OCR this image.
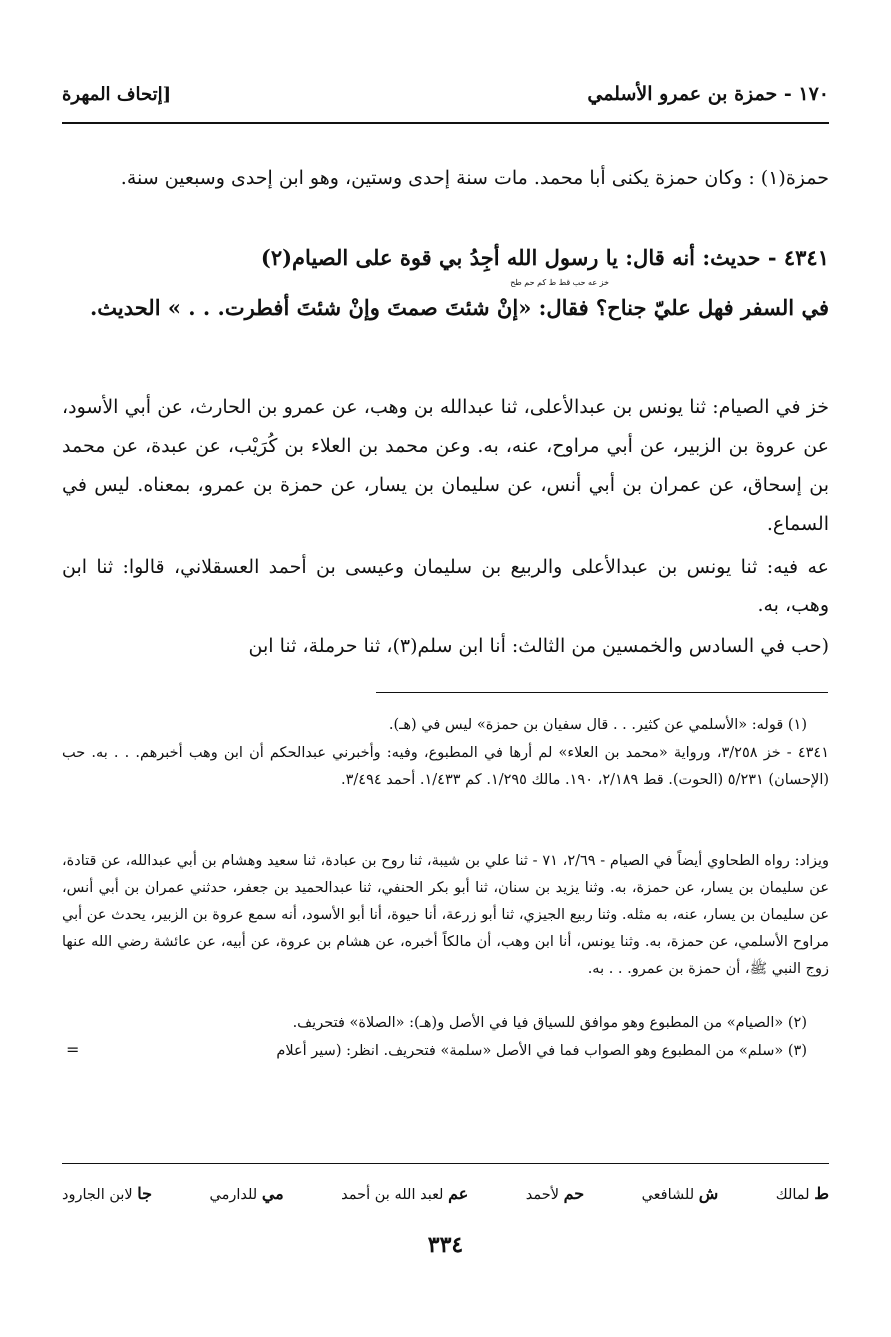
١٧٠ - حمزة بن عمرو الأسلمي
[إتحاف المهرة
حمزة(١) : وكان حمزة يكنى أبا محمد. مات سنة إحدى وستين، وهو ابن إحدى وسبعين سنة.
٤٣٤١ - حديث: أنه قال: يا رسول الله أجِدُ بي قوة على الصيام(٢)
خز عه حب قط ط كم حم طح
في السفر فهل عليّ جناح؟ فقال: «إنْ شئتَ صمتَ وإنْ شئتَ أفطرت. . . » الحديث.
خز في الصيام: ثنا يونس بن عبدالأعلى، ثنا عبدالله بن وهب، عن عمرو بن الحارث، عن أبي الأسود، عن عروة بن الزبير، عن أبي مراوح، عنه، به. وعن محمد بن العلاء بن كُرَيْب، عن عبدة، عن محمد بن إسحاق، عن عمران بن أبي أنس، عن سليمان بن يسار، عن حمزة بن عمرو، بمعناه. ليس في السماع.
عه فيه: ثنا يونس بن عبدالأعلى والربيع بن سليمان وعيسى بن أحمد العسقلاني، قالوا: ثنا ابن وهب، به.
(حب في السادس والخمسين من الثالث: أنا ابن سلم(٣)، ثنا حرملة، ثنا ابن
(١) قوله: «الأسلمي عن كثير. . . قال سفيان بن حمزة» ليس في (هـ).
٤٣٤١ - خز ٣/٢٥٨، ورواية «محمد بن العلاء» لم أرها في المطبوع، وفيه: وأخبرني عبدالحكم أن ابن وهب أخبرهم. . . به. حب (الإحسان) ٥/٢٣١ (الحوت). قط ٢/١٨٩، ١٩٠. مالك ١/٢٩٥. كم ١/٤٣٣. أحمد ٣/٤٩٤.
ويزاد: رواه الطحاوي أيضاً في الصيام - ٢/٦٩، ٧١ - ثنا علي بن شيبة، ثنا روح بن عبادة، ثنا سعيد وهشام بن أبي عبدالله، عن قتادة، عن سليمان بن يسار، عن حمزة، به. وثنا يزيد بن سنان، ثنا أبو بكر الحنفي، ثنا عبدالحميد بن جعفر، حدثني عمران بن أبي أنس، عن سليمان بن يسار، عنه، به مثله. وثنا ربيع الجيزي، ثنا أبو زرعة، أنا حيوة، أنا أبو الأسود، أنه سمع عروة بن الزبير، يحدث عن أبي مراوح الأسلمي، عن حمزة، به. وثنا يونس، أنا ابن وهب، أن مالكاً أخبره، عن هشام بن عروة، عن أبيه، عن عائشة رضي الله عنها زوج النبي ﷺ، أن حمزة بن عمرو. . . به.
(٢) «الصيام» من المطبوع وهو موافق للسياق فيا في الأصل و(هـ): «الصلاة» فتحريف.
(٣) «سلم» من المطبوع وهو الصواب فما في الأصل «سلمة» فتحريف. انظر: (سير أعلام
=
ط لمالك
ش للشافعي
حم لأحمد
عم لعبد الله بن أحمد
مي للدارمي
جا لابن الجارود
٣٣٤
